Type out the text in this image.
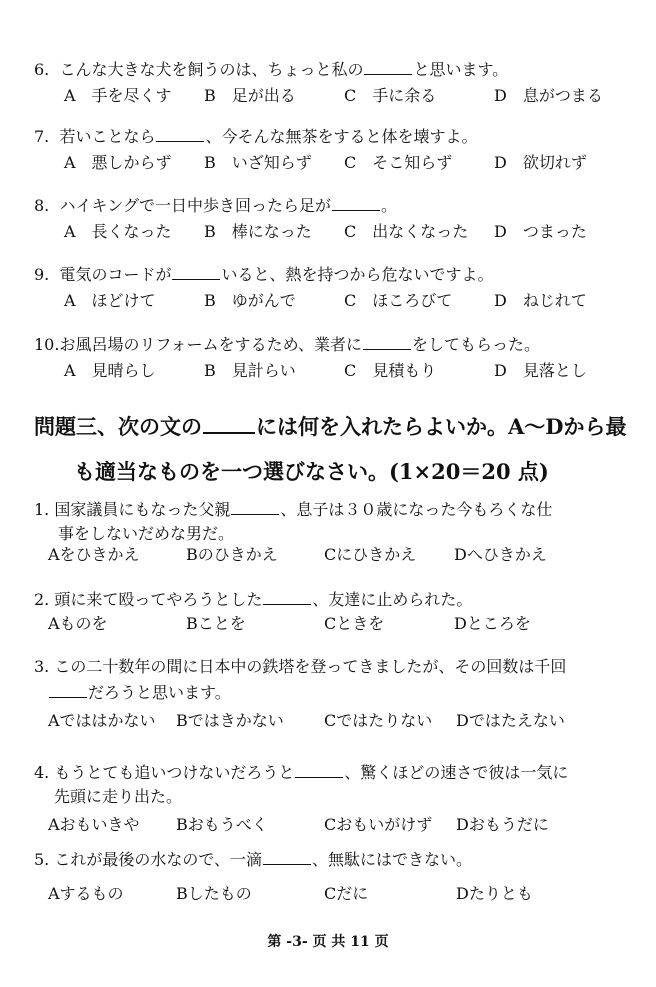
6. こんな大きな犬を飼うのは、ちょっと私の	と思います。
A　手を尽くす B　足が出る	C　手に余る	D　息がつまる
7. 若いことなら	、今そんな無茶をすると体を壊すよ。
A　悪しからず B　いざ知らず C　そこ知らず	D　欲切れず
8. ハイキングで一日中歩き回ったら足が	。
A　長くなった B　棒になった C　出なくなった D　つまった
9. 電気のコードが	いると、熱を持つから危ないですよ。
A　ほどけて	B　ゆがんで	C　ほころびて	D　ねじれて
10.お風呂場のリフォームをするため、業者に	をしてもらった。
A　見晴らし	B　見計らい	C　見積もり	D　見落とし
問題三、次の文の	には何を入れたらよいか。A～Dから最
も適当なものを一つ選びなさい。(1×20＝20 点)
1. 国家議員にもなった父親	、息子は３０歳になった今もろくな仕
事をしないだめな男だ。
Aをひきかえ	Bのひきかえ	Cにひきかえ Dへひきかえ
2. 頭に来て殴ってやろうとした	、友達に止められた。
Aものを	Bことを	Cときを	Dところを
3. この二十数年の間に日本中の鉄塔を登ってきましたが、その回数は千回
だろうと思います。
Aでははかない Bではきかない	Cではたりない Dではたえない
4. もうとても追いつけないだろうと	、驚くほどの速さで彼は一気に
先頭に走り出た。
Aおもいきや Bおもうべく	Cおもいがけず Dおもうだに
5. これが最後の水なので、一滴	、無駄にはできない。
Aするもの	Bしたもの	Cだに	Dたりとも
第 -3- 页 共 11 页
